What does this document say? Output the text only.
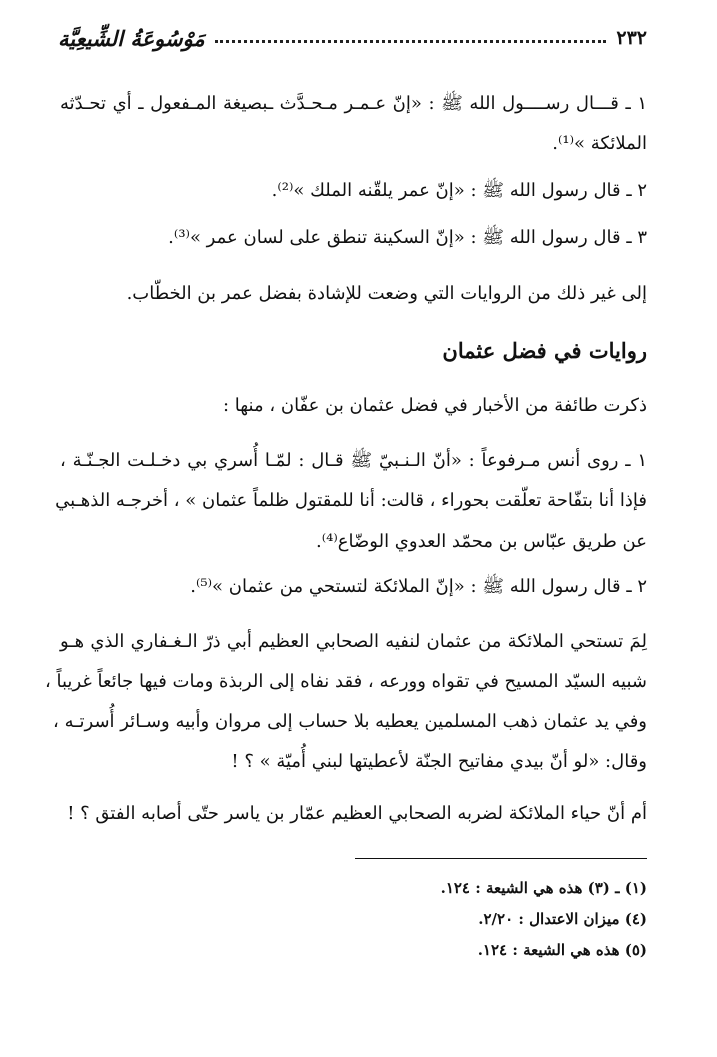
٢٣٢
مَوْسُوعَةُ الشِّيعِيَّة
١ ـ قـــال رســــول الله ﷺ : «إنّ عـمـر مـحـدَّث ـبصيغة المـفعول ـ أي تحـدّثه
الملائكة »⁽¹⁾.
٢ ـ قال رسول الله ﷺ : «إنّ عمر يلقّنه الملك »⁽²⁾.
٣ ـ قال رسول الله ﷺ : «إنّ السكينة تنطق على لسان عمر »⁽³⁾.
إلى غير ذلك من الروايات التي وضعت للإشادة بفضل عمر بن الخطّاب.
روايات في فضل عثمان
ذكرت طائفة من الأخبار في فضل عثمان بن عفّان ، منها :
١ ـ روى أنس مـرفوعاً : «أنّ الـنـبيّ ﷺ قـال : لمّـا أُسري بي دخـلـت الجـنّـة ،
فإذا أنا بتفّاحة تعلّقت بحوراء ، قالت: أنا للمقتول ظلماً عثمان » ، أخرجـه الذهـبي
عن طريق عبّاس بن محمّد العدوي الوضّاع⁽⁴⁾.
٢ ـ قال رسول الله ﷺ : «إنّ الملائكة لتستحي من عثمان »⁽⁵⁾.
لِمَ تستحي الملائكة من عثمان لنفيه الصحابي العظيم أبي ذرّ الـغـفاري الذي هـو
شبيه السيّد المسيح في تقواه وورعه ، فقد نفاه إلى الربذة ومات فيها جائعاً غريباً ،
وفي يد عثمان ذهب المسلمين يعطيه بلا حساب إلى مروان وأبيه وسـائر أُسرتـه ،
وقال: «لو أنّ بيدي مفاتيح الجنّة لأعطيتها لبني أُميّة » ؟ !
أم أنّ حياء الملائكة لضربه الصحابي العظيم عمّار بن ياسر حتّى أصابه الفتق ؟ !
(١) ـ (٣) هذه هي الشيعة : ١٢٤.
(٤) ميزان الاعتدال : ٢/٢٠.
(٥) هذه هي الشيعة : ١٢٤.
